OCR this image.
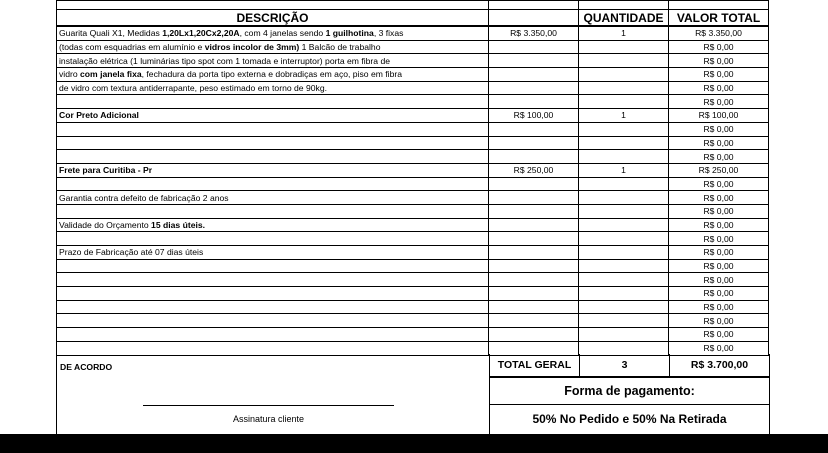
DESCRIÇÃO		QUANTIDADE	VALOR TOTAL
Guarita Quali X1, Medidas 1,20Lx1,20Cx2,20A, com 4 janelas sendo 1 guilhotina, 3 fixas	R$ 3.350,00	1	R$ 3.350,00
(todas com esquadrias em alumínio e vidros incolor de 3mm) 1 Balcão de trabalho			R$ 0,00
instalação elétrica (1 luminárias tipo spot com 1 tomada e interruptor) porta em fibra de			R$ 0,00
vidro com janela fixa, fechadura da porta tipo externa e dobradiças em aço, piso em fibra			R$ 0,00
de vidro com textura antiderrapante, peso estimado em torno de 90kg.			R$ 0,00
			R$ 0,00
Cor Preto Adicional	R$ 100,00	1	R$ 100,00
			R$ 0,00
			R$ 0,00
			R$ 0,00
Frete para Curitiba - Pr	R$ 250,00	1	R$ 250,00
			R$ 0,00
Garantia contra defeito de fabricação 2 anos			R$ 0,00
			R$ 0,00
Validade do Orçamento 15 dias úteis.			R$ 0,00
			R$ 0,00
Prazo de Fabricação até 07 dias úteis			R$ 0,00
			R$ 0,00
			R$ 0,00
			R$ 0,00
			R$ 0,00
			R$ 0,00
			R$ 0,00
			R$ 0,00
DE ACORDO
Assinatura cliente
TOTAL GERAL	3	R$ 3.700,00
Forma de pagamento:
50% No Pedido e 50% Na Retirada
